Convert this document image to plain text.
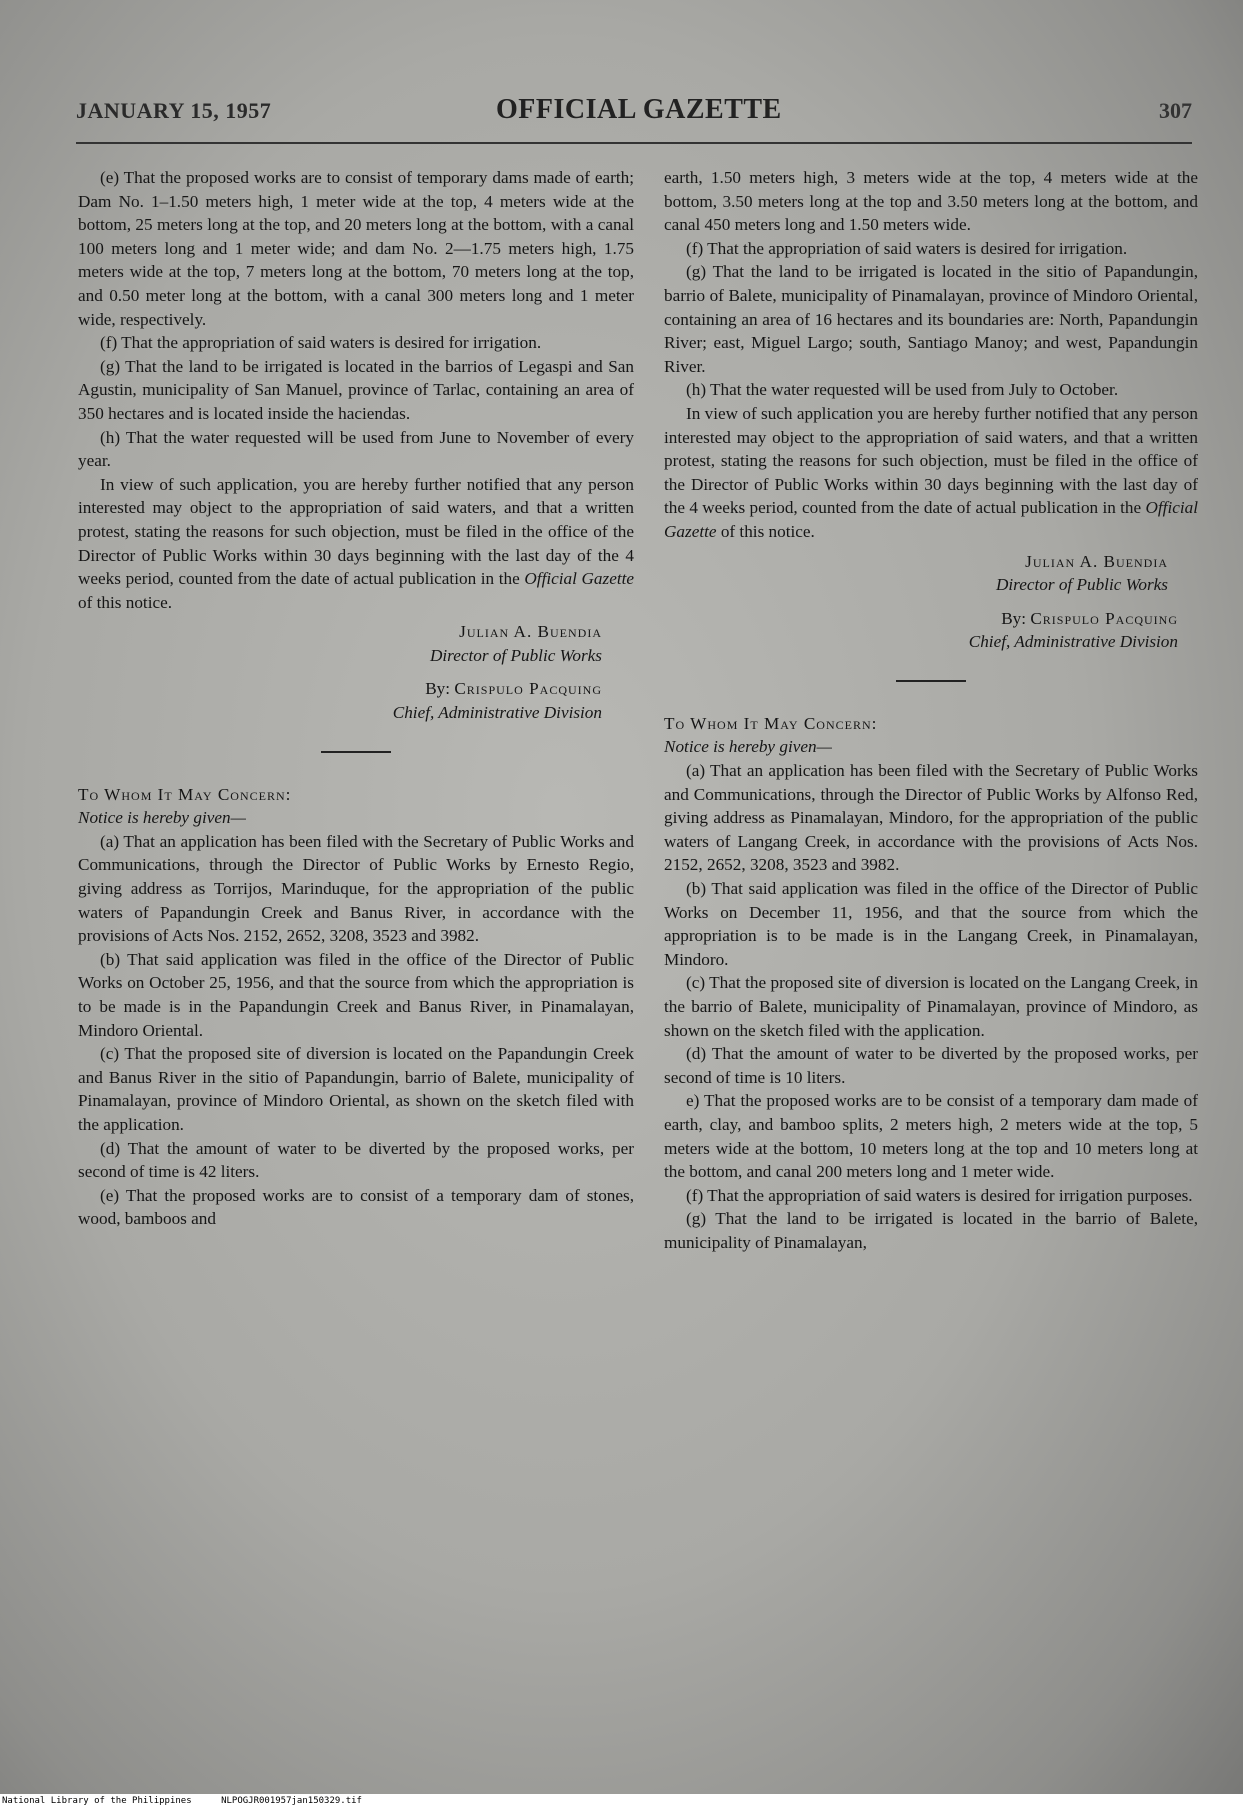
JANUARY 15, 1957	OFFICIAL GAZETTE	307

(e) That the proposed works are to consist of temporary dams made of earth; Dam No. 1–1.50 meters high, 1 meter wide at the top, 4 meters wide at the bottom, 25 meters long at the top, and 20 meters long at the bottom, with a canal 100 meters long and 1 meter wide; and dam No. 2—1.75 meters high, 1.75 meters wide at the top, 7 meters long at the bottom, 70 meters long at the top, and 0.50 meter long at the bottom, with a canal 300 meters long and 1 meter wide, respectively.

(f) That the appropriation of said waters is desired for irrigation.

(g) That the land to be irrigated is located in the barrios of Legaspi and San Agustin, municipality of San Manuel, province of Tarlac, containing an area of 350 hectares and is located inside the haciendas.

(h) That the water requested will be used from June to November of every year.

In view of such application, you are hereby further notified that any person interested may object to the appropriation of said waters, and that a written protest, stating the reasons for such objection, must be filed in the office of the Director of Public Works within 30 days beginning with the last day of the 4 weeks period, counted from the date of actual publication in the Official Gazette of this notice.

Julian A. Buendia
Director of Public Works
By: Crispulo Pacquing
Chief, Administrative Division

To Whom It May Concern:

Notice is hereby given—

(a) That an application has been filed with the Secretary of Public Works and Communications, through the Director of Public Works by Ernesto Regio, giving address as Torrijos, Marinduque, for the appropriation of the public waters of Papandungin Creek and Banus River, in accordance with the provisions of Acts Nos. 2152, 2652, 3208, 3523 and 3982.

(b) That said application was filed in the office of the Director of Public Works on October 25, 1956, and that the source from which the appropriation is to be made is in the Papandungin Creek and Banus River, in Pinamalayan, Mindoro Oriental.

(c) That the proposed site of diversion is located on the Papandungin Creek and Banus River in the sitio of Papandungin, barrio of Balete, municipality of Pinamalayan, province of Mindoro Oriental, as shown on the sketch filed with the application.

(d) That the amount of water to be diverted by the proposed works, per second of time is 42 liters.

(e) That the proposed works are to consist of a temporary dam of stones, wood, bamboos and

earth, 1.50 meters high, 3 meters wide at the top, 4 meters wide at the bottom, 3.50 meters long at the top and 3.50 meters long at the bottom, and canal 450 meters long and 1.50 meters wide.

(f) That the appropriation of said waters is desired for irrigation.

(g) That the land to be irrigated is located in the sitio of Papandungin, barrio of Balete, municipality of Pinamalayan, province of Mindoro Oriental, containing an area of 16 hectares and its boundaries are: North, Papandungin River; east, Miguel Largo; south, Santiago Manoy; and west, Papandungin River.

(h) That the water requested will be used from July to October.

In view of such application you are hereby further notified that any person interested may object to the appropriation of said waters, and that a written protest, stating the reasons for such objection, must be filed in the office of the Director of Public Works within 30 days beginning with the last day of the 4 weeks period, counted from the date of actual publication in the Official Gazette of this notice.

Julian A. Buendia
Director of Public Works
By: Crispulo Pacquing
Chief, Administrative Division

To Whom It May Concern:

Notice is hereby given—

(a) That an application has been filed with the Secretary of Public Works and Communications, through the Director of Public Works by Alfonso Red, giving address as Pinamalayan, Mindoro, for the appropriation of the public waters of Langang Creek, in accordance with the provisions of Acts Nos. 2152, 2652, 3208, 3523 and 3982.

(b) That said application was filed in the office of the Director of Public Works on December 11, 1956, and that the source from which the appropriation is to be made is in the Langang Creek, in Pinamalayan, Mindoro.

(c) That the proposed site of diversion is located on the Langang Creek, in the barrio of Balete, municipality of Pinamalayan, province of Mindoro, as shown on the sketch filed with the application.

(d) That the amount of water to be diverted by the proposed works, per second of time is 10 liters.

e) That the proposed works are to be consist of a temporary dam made of earth, clay, and bamboo splits, 2 meters high, 2 meters wide at the top, 5 meters wide at the bottom, 10 meters long at the top and 10 meters long at the bottom, and canal 200 meters long and 1 meter wide.

(f) That the appropriation of said waters is desired for irrigation purposes.

(g) That the land to be irrigated is located in the barrio of Balete, municipality of Pinamalayan,

National Library of the Philippines	NLPOGJR001957jan150329.tif
